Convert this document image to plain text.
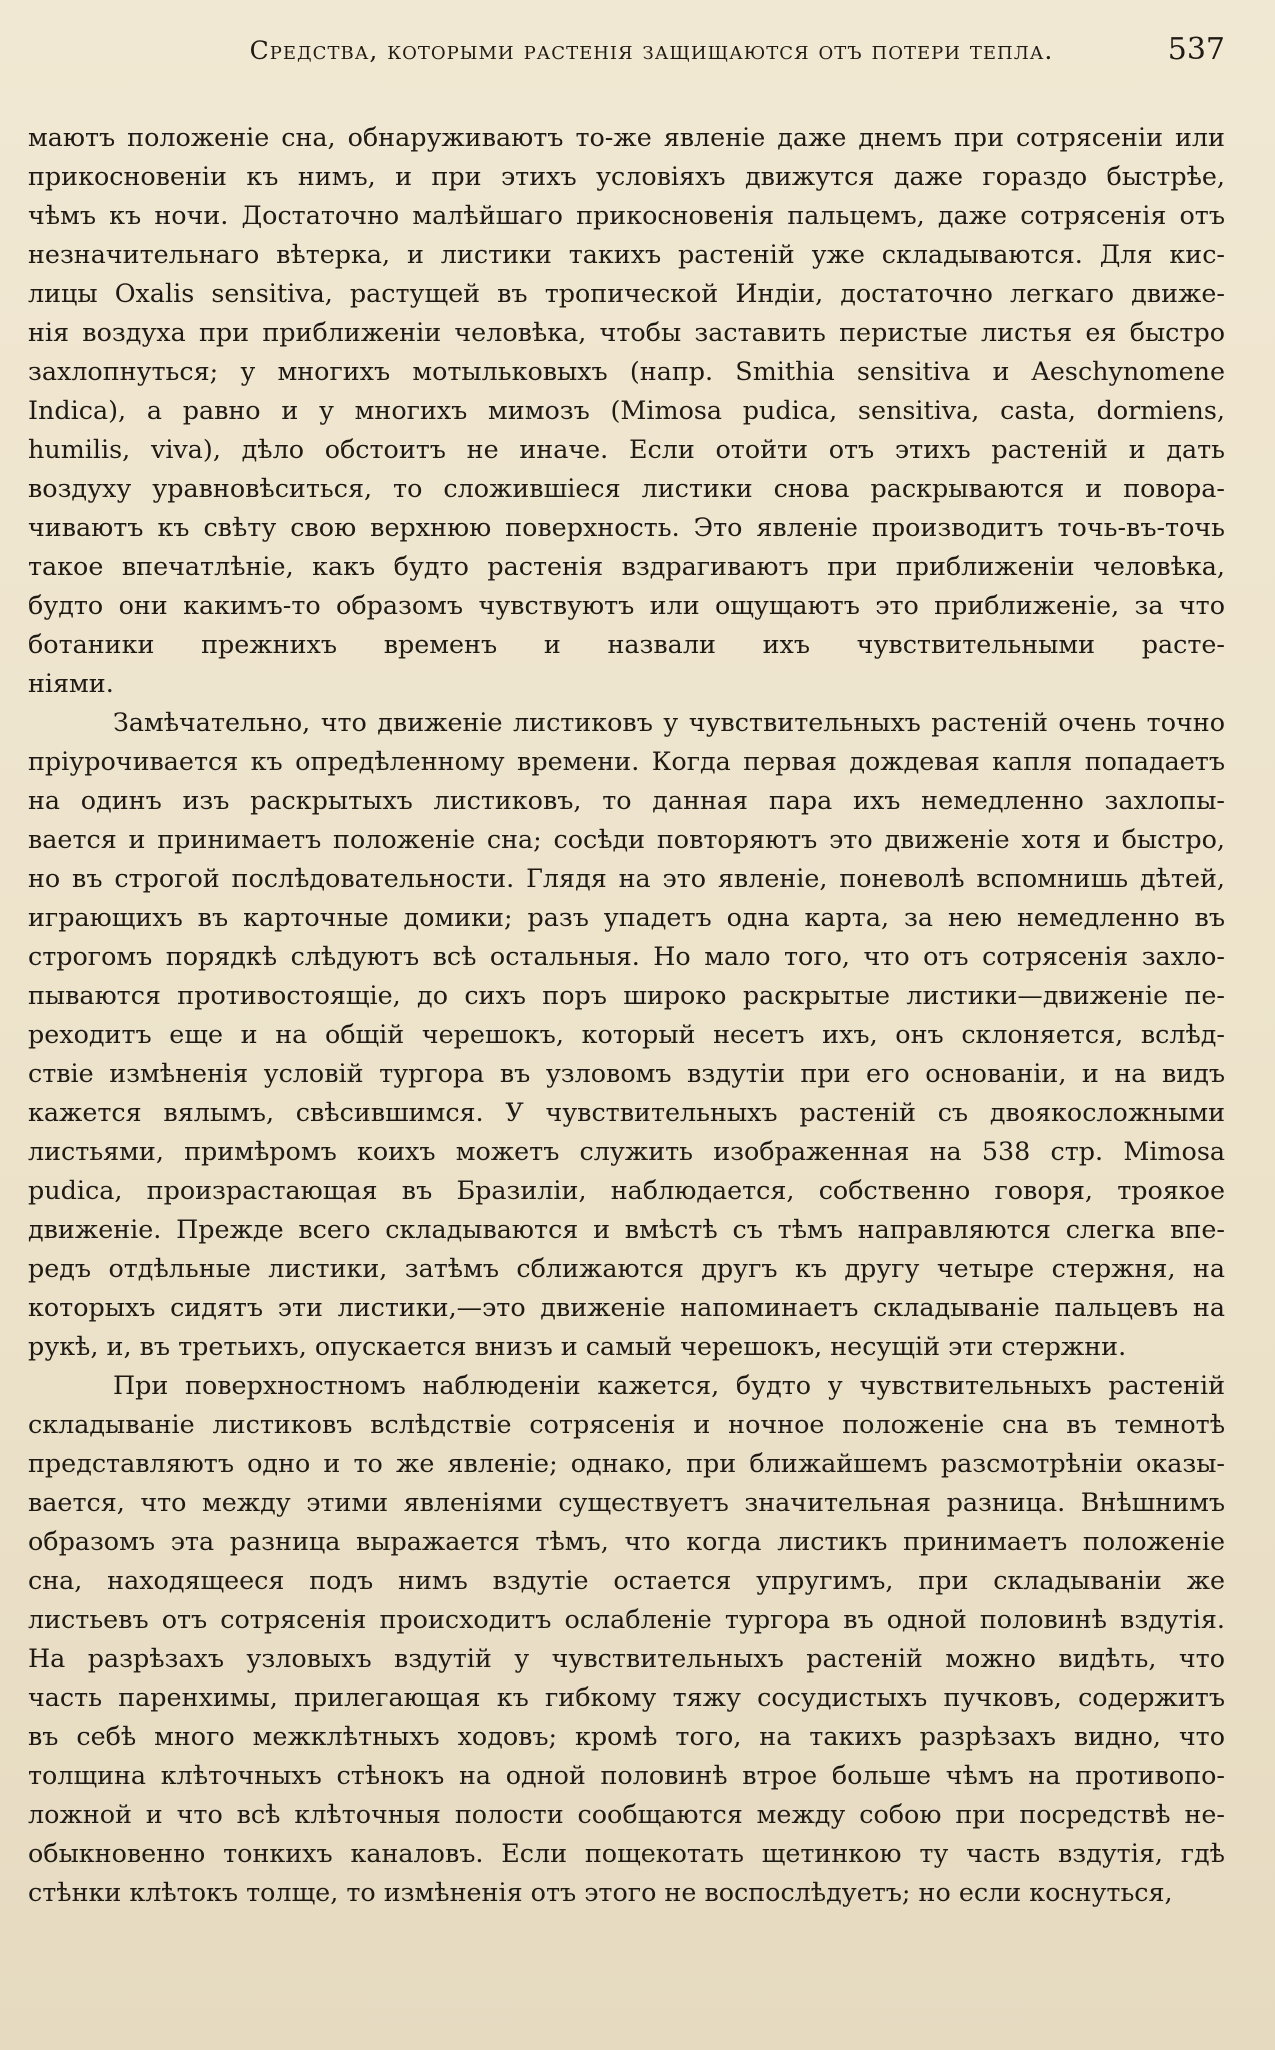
Средства, которыми растенія защищаются отъ потери тепла.	537
маютъ положеніе сна, обнаруживаютъ то-же явленіе даже днемъ при сотрясеніи или
прикосновеніи къ нимъ, и при этихъ условіяхъ движутся даже гораздо быстрѣе,
чѣмъ къ ночи. Достаточно малѣйшаго прикосновенія пальцемъ, даже сотрясенія отъ
незначительнаго вѣтерка, и листики такихъ растеній уже складываются. Для кис-
лицы Oxalis sensitiva, растущей въ тропической Индіи, достаточно легкаго движе-
нія воздуха при приближеніи человѣка, чтобы заставить перистые листья ея быстро
захлопнуться; у многихъ мотыльковыхъ (напр. Smithia sensitiva и Aeschynomene
Indica), а равно и у многихъ мимозъ (Mimosa pudica, sensitiva, casta, dormiens,
humilis, viva), дѣло обстоитъ не иначе. Если отойти отъ этихъ растеній и дать
воздуху уравновѣситься, то сложившіеся листики снова раскрываются и повора-
чиваютъ къ свѣту свою верхнюю поверхность. Это явленіе производитъ точь-въ-точь
такое впечатлѣніе, какъ будто растенія вздрагиваютъ при приближеніи человѣка,
будто они какимъ-то образомъ чувствуютъ или ощущаютъ это приближеніе, за что
ботаники прежнихъ временъ и назвали ихъ чувствительными расте-
ніями.
Замѣчательно, что движеніе листиковъ у чувствительныхъ растеній очень точно
пріурочивается къ опредѣленному времени. Когда первая дождевая капля попадаетъ
на одинъ изъ раскрытыхъ листиковъ, то данная пара ихъ немедленно захлопы-
вается и принимаетъ положеніе сна; сосѣди повторяютъ это движеніе хотя и быстро,
но въ строгой послѣдовательности. Глядя на это явленіе, поневолѣ вспомнишь дѣтей,
играющихъ въ карточные домики; разъ упадетъ одна карта, за нею немедленно въ
строгомъ порядкѣ слѣдуютъ всѣ остальныя. Но мало того, что отъ сотрясенія захло-
пываются противостоящіе, до сихъ поръ широко раскрытые листики—движеніе пе-
реходитъ еще и на общій черешокъ, который несетъ ихъ, онъ склоняется, вслѣд-
ствіе измѣненія условій тургора въ узловомъ вздутіи при его основаніи, и на видъ
кажется вялымъ, свѣсившимся. У чувствительныхъ растеній съ двоякосложными
листьями, примѣромъ коихъ можетъ служить изображенная на 538 стр. Mimosa
pudica, произрастающая въ Бразиліи, наблюдается, собственно говоря, троякое
движеніе. Прежде всего складываются и вмѣстѣ съ тѣмъ направляются слегка впе-
редъ отдѣльные листики, затѣмъ сближаются другъ къ другу четыре стержня, на
которыхъ сидятъ эти листики,—это движеніе напоминаетъ складываніе пальцевъ на
рукѣ, и, въ третьихъ, опускается внизъ и самый черешокъ, несущій эти стержни.
При поверхностномъ наблюденіи кажется, будто у чувствительныхъ растеній
складываніе листиковъ вслѣдствіе сотрясенія и ночное положеніе сна въ темнотѣ
представляютъ одно и то же явленіе; однако, при ближайшемъ разсмотрѣніи оказы-
вается, что между этими явленіями существуетъ значительная разница. Внѣшнимъ
образомъ эта разница выражается тѣмъ, что когда листикъ принимаетъ положеніе
сна, находящееся подъ нимъ вздутіе остается упругимъ, при складываніи же
листьевъ отъ сотрясенія происходитъ ослабленіе тургора въ одной половинѣ вздутія.
На разрѣзахъ узловыхъ вздутій у чувствительныхъ растеній можно видѣть, что
часть паренхимы, прилегающая къ гибкому тяжу сосудистыхъ пучковъ, содержитъ
въ себѣ много межклѣтныхъ ходовъ; кромѣ того, на такихъ разрѣзахъ видно, что
толщина клѣточныхъ стѣнокъ на одной половинѣ втрое больше чѣмъ на противопо-
ложной и что всѣ клѣточныя полости сообщаются между собою при посредствѣ не-
обыкновенно тонкихъ каналовъ. Если пощекотать щетинкою ту часть вздутія, гдѣ
стѣнки клѣтокъ толще, то измѣненія отъ этого не воспослѣдуетъ; но если коснуться,
